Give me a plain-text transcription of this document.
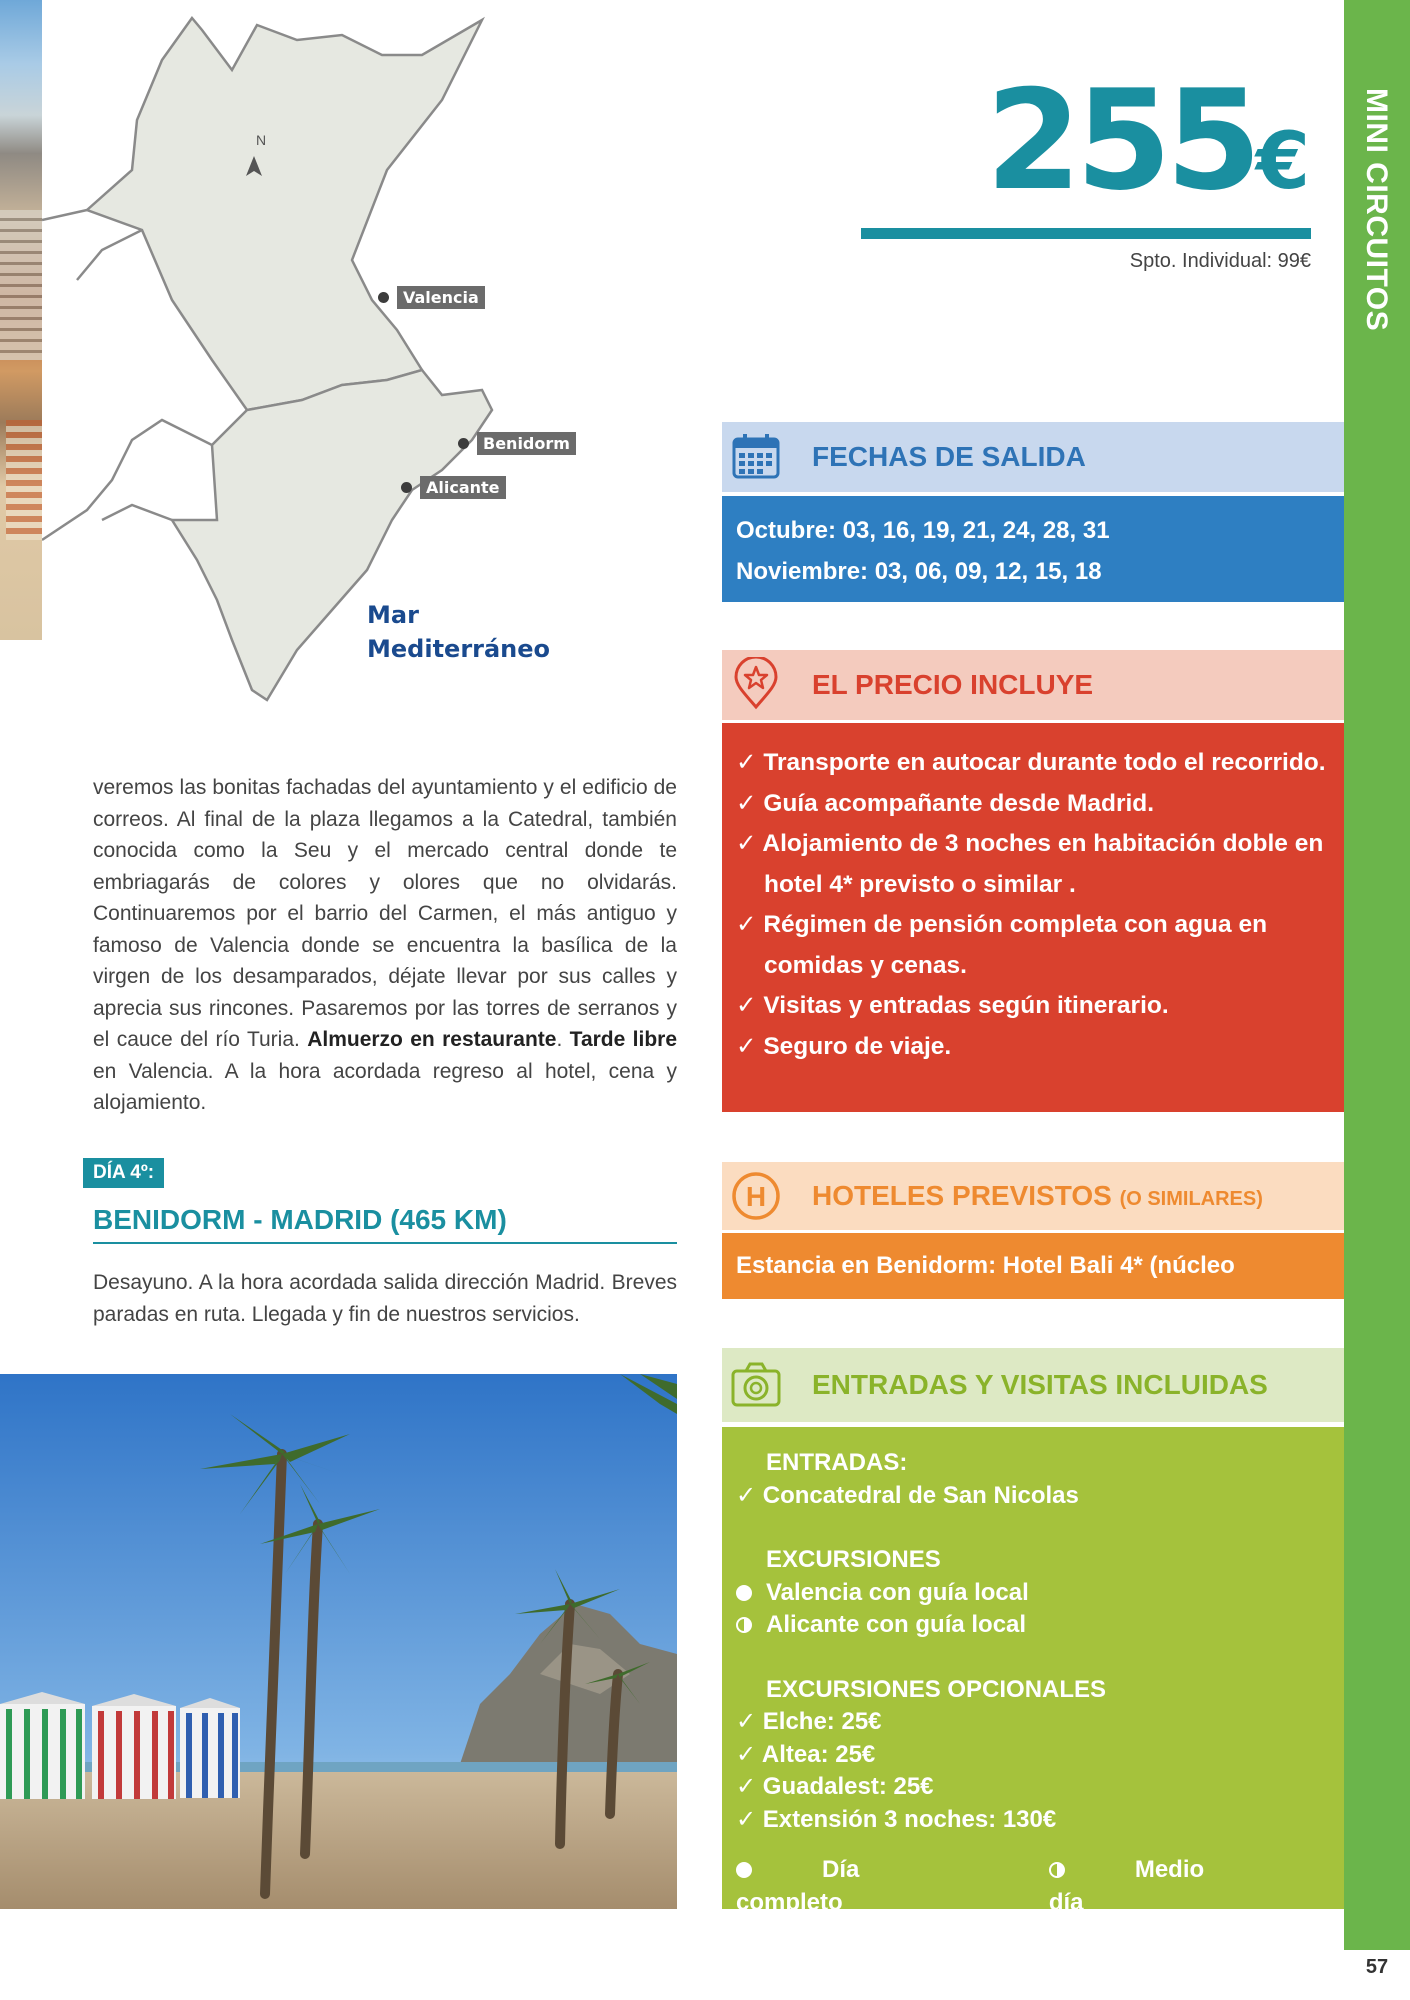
N
Valencia
Benidorm
Alicante
Mar
Mediterráneo
veremos las bonitas fachadas del ayuntamiento y el edificio de correos. Al final de la plaza llegamos a la Catedral, también conocida como la Seu y el mercado central donde te embriagarás de colores y olores que no olvidarás. Continuaremos por el barrio del Carmen, el más antiguo y famoso de Valencia donde se encuentra la basílica de la virgen de los desamparados, déjate llevar por sus calles y aprecia sus rincones. Pasaremos por las torres de serranos y el cauce del río Turia. Almuerzo en restaurante. Tarde libre en Valencia. A la hora acordada regreso al hotel, cena y alojamiento.
DÍA 4º:
BENIDORM - MADRID (465 KM)
Desayuno. A la hora acordada salida dirección Madrid. Breves paradas en ruta. Llegada y fin de nuestros servicios.
255€
Spto. Individual: 99€
FECHAS DE SALIDA
Octubre: 03, 16, 19, 21, 24, 28, 31
Noviembre: 03, 06, 09, 12, 15, 18
EL PRECIO INCLUYE
✓ Transporte en autocar durante todo el recorrido.
✓ Guía acompañante desde Madrid.
✓ Alojamiento de 3 noches en habitación doble en hotel 4* previsto o similar .
✓ Régimen de pensión completa con agua en comidas y cenas.
✓ Visitas y entradas según itinerario.
✓ Seguro de viaje.
H HOTELES PREVISTOS (O SIMILARES)
Estancia en Benidorm: Hotel Bali 4* (núcleo urbano)
ENTRADAS Y VISITAS INCLUIDAS
ENTRADAS:
✓ Concatedral de San Nicolas
EXCURSIONES
Valencia con guía local
Alicante con guía local
EXCURSIONES OPCIONALES
✓ Elche: 25€
✓ Altea: 25€
✓ Guadalest: 25€
✓ Extensión 3 noches: 130€
Día completo
Medio día
MINI CIRCUITOS
57
